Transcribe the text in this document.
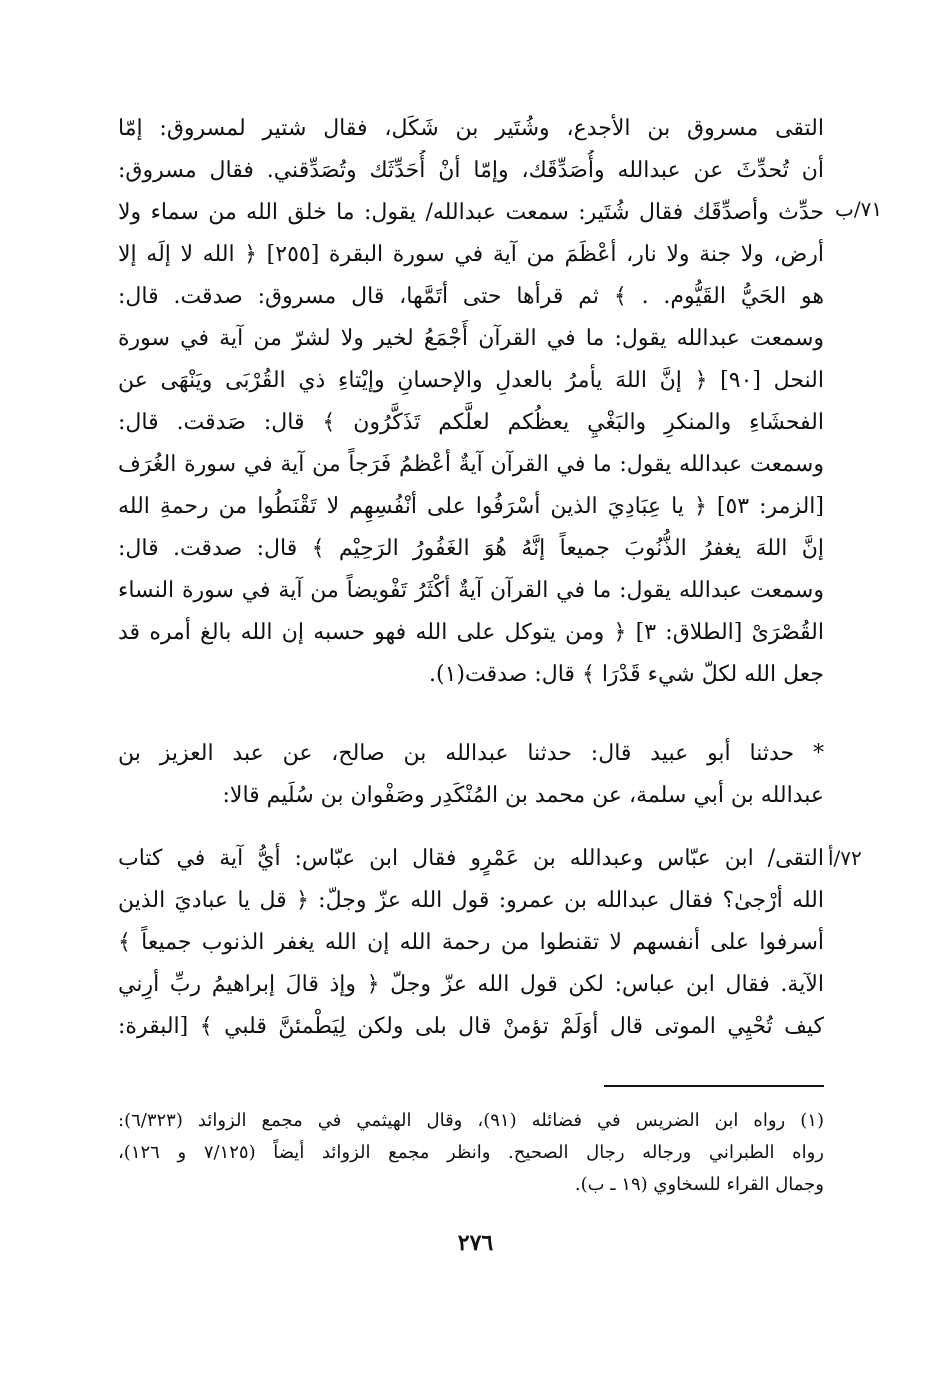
التقى مسروق بن الأجدع، وشُتَير بن شَكَل، فقال شتير لمسروق: إمّا
أن تُحدِّثَ عن عبدالله وأُصَدِّقَك، وإمّا أنْ أُحَدِّثَك وتُصَدِّقني. فقال مسروق:
حدِّث وأصدِّقَك فقال شُتَير: سمعت عبدالله/ يقول: ما خلق الله من سماء ولا
أرض، ولا جنة ولا نار، أعْظَمَ من آية في سورة البقرة [٢٥٥] ﴿ الله لا إلَه إلا
هو الحَيُّ القَيُّوم. . ﴾ ثم قرأها حتى أتَمَّها، قال مسروق: صدقت. قال:
وسمعت عبدالله يقول: ما في القرآن أَجْمَعُ لخير ولا لشرّ من آية في سورة
النحل [٩٠] ﴿ إنَّ اللهَ يأمرُ بالعدلِ والإحسانِ وإيْتاءِ ذي القُرْبَى ويَنْهَى عن
الفحشَاءِ والمنكرِ والبَغْيِ يعظُكم لعلَّكم تَذَكَّرُون ﴾ قال: صَدقت. قال:
وسمعت عبدالله يقول: ما في القرآن آيةٌ أعْظمُ فَرَجاً من آية في سورة الغُرَف
[الزمر: ٥٣] ﴿ يا عِبَادِيَ الذين أسْرَفُوا على أنْفُسِهِم لا تَقْنَطُوا من رحمةِ الله
إنَّ اللهَ يغفرُ الذُّنُوبَ جميعاً إنَّهُ هُوَ الغَفُورُ الرَحِيْم ﴾ قال: صدقت. قال:
وسمعت عبدالله يقول: ما في القرآن آيةٌ أكْثَرُ تَفْويضاً من آية في سورة النساء
القُصْرَىْ [الطلاق: ٣] ﴿ ومن يتوكل على الله فهو حسبه إن الله بالغ أمره قد
جعل الله لكلّ شيء قَدْرَا ﴾ قال: صدقت(١).
٧١/ب
* حدثنا أبو عبيد قال: حدثنا عبدالله بن صالح، عن عبد العزيز بن
عبدالله بن أبي سلمة، عن محمد بن المُنْكَدِر وصَفْوان بن سُلَيم قالا:
التقى/ ابن عبّاس وعبدالله بن عَمْرٍو فقال ابن عبّاس: أيُّ آية في كتاب
الله أرْجىٰ؟ فقال عبدالله بن عمرو: قول الله عزّ وجلّ: ﴿ قل يا عباديَ الذين
أسرفوا على أنفسهم لا تقنطوا من رحمة الله إن الله يغفر الذنوب جميعاً ﴾
الآية. فقال ابن عباس: لكن قول الله عزّ وجلّ ﴿ وإذ قالَ إبراهيمُ ربِّ أرِني
كيف تُحْيِي الموتى قال أوَلَمْ تؤمنْ قال بلى ولكن لِيَطْمئنَّ قلبي ﴾ [البقرة:
٧٢/أ
(١) رواه ابن الضريس في فضائله (٩١)، وقال الهيثمي في مجمع الزوائد (٦/٣٢٣):
رواه الطبراني ورجاله رجال الصحيح. وانظر مجمع الزوائد أيضاً (٧/١٢٥ و ١٢٦)،
وجمال القراء للسخاوي (١٩ ـ ب).
٢٧٦
